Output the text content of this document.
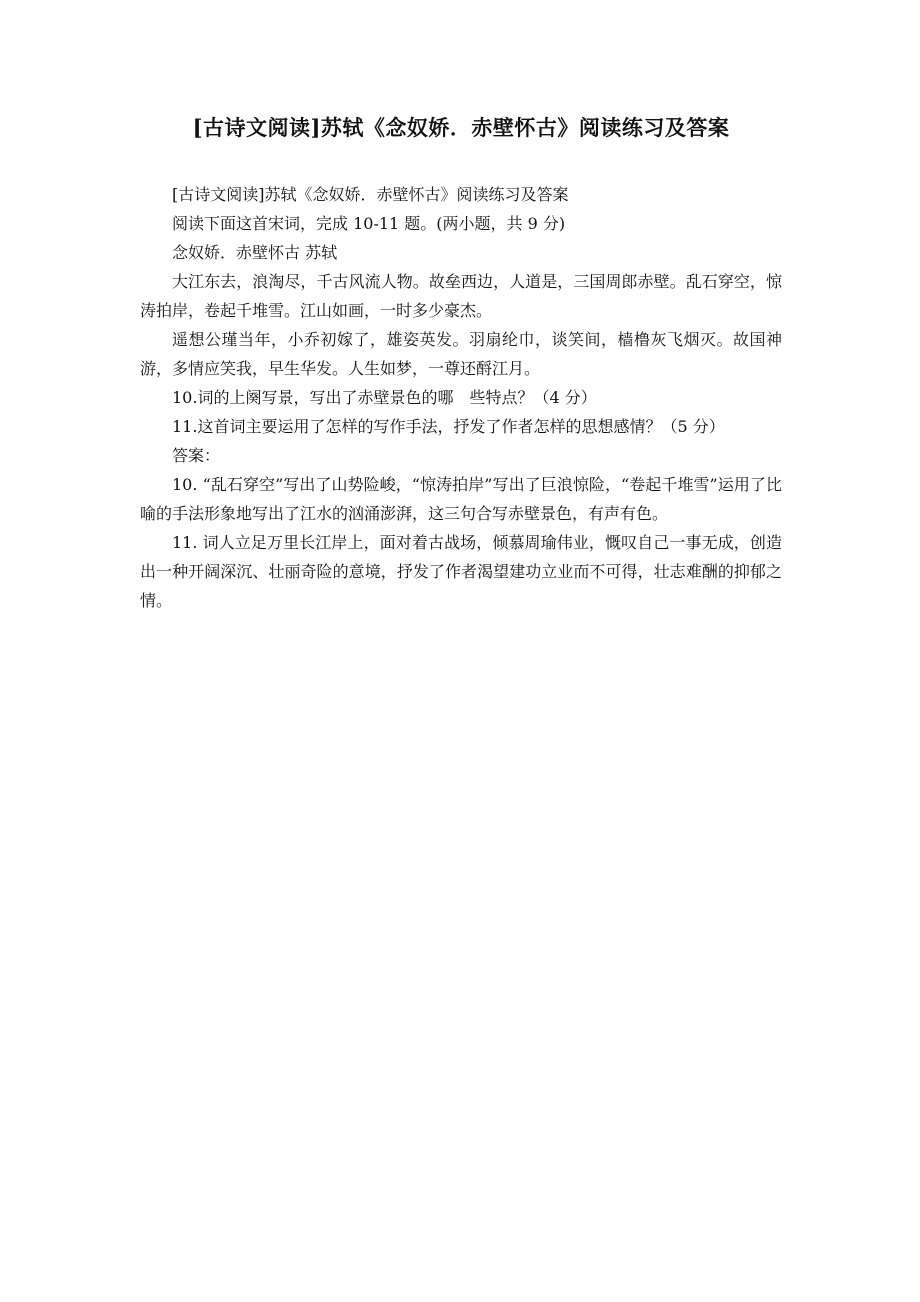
[古诗文阅读]苏轼《念奴娇．赤壁怀古》阅读练习及答案

[古诗文阅读]苏轼《念奴娇．赤壁怀古》阅读练习及答案

阅读下面这首宋词，完成 10-11 题。(两小题，共 9 分)

念奴娇．赤壁怀古 苏轼

大江东去，浪淘尽，千古风流人物。故垒西边，人道是，三国周郎赤壁。乱石穿空，惊涛拍岸，卷起千堆雪。江山如画，一时多少豪杰。

遥想公瑾当年，小乔初嫁了，雄姿英发。羽扇纶巾，谈笑间，樯橹灰飞烟灭。故国神游，多情应笑我，早生华发。人生如梦，一尊还酹江月。

10.词的上阕写景，写出了赤壁景色的哪　些特点？（4 分）

11.这首词主要运用了怎样的写作手法，抒发了作者怎样的思想感情？（5 分）

答案：

10. “乱石穿空”写出了山势险峻，“惊涛拍岸”写出了巨浪惊险，“卷起千堆雪”运用了比喻的手法形象地写出了江水的汹涌澎湃，这三句合写赤壁景色，有声有色。

11. 词人立足万里长江岸上，面对着古战场，倾慕周瑜伟业，慨叹自己一事无成，创造出一种开阔深沉、壮丽奇险的意境，抒发了作者渴望建功立业而不可得，壮志难酬的抑郁之情。
